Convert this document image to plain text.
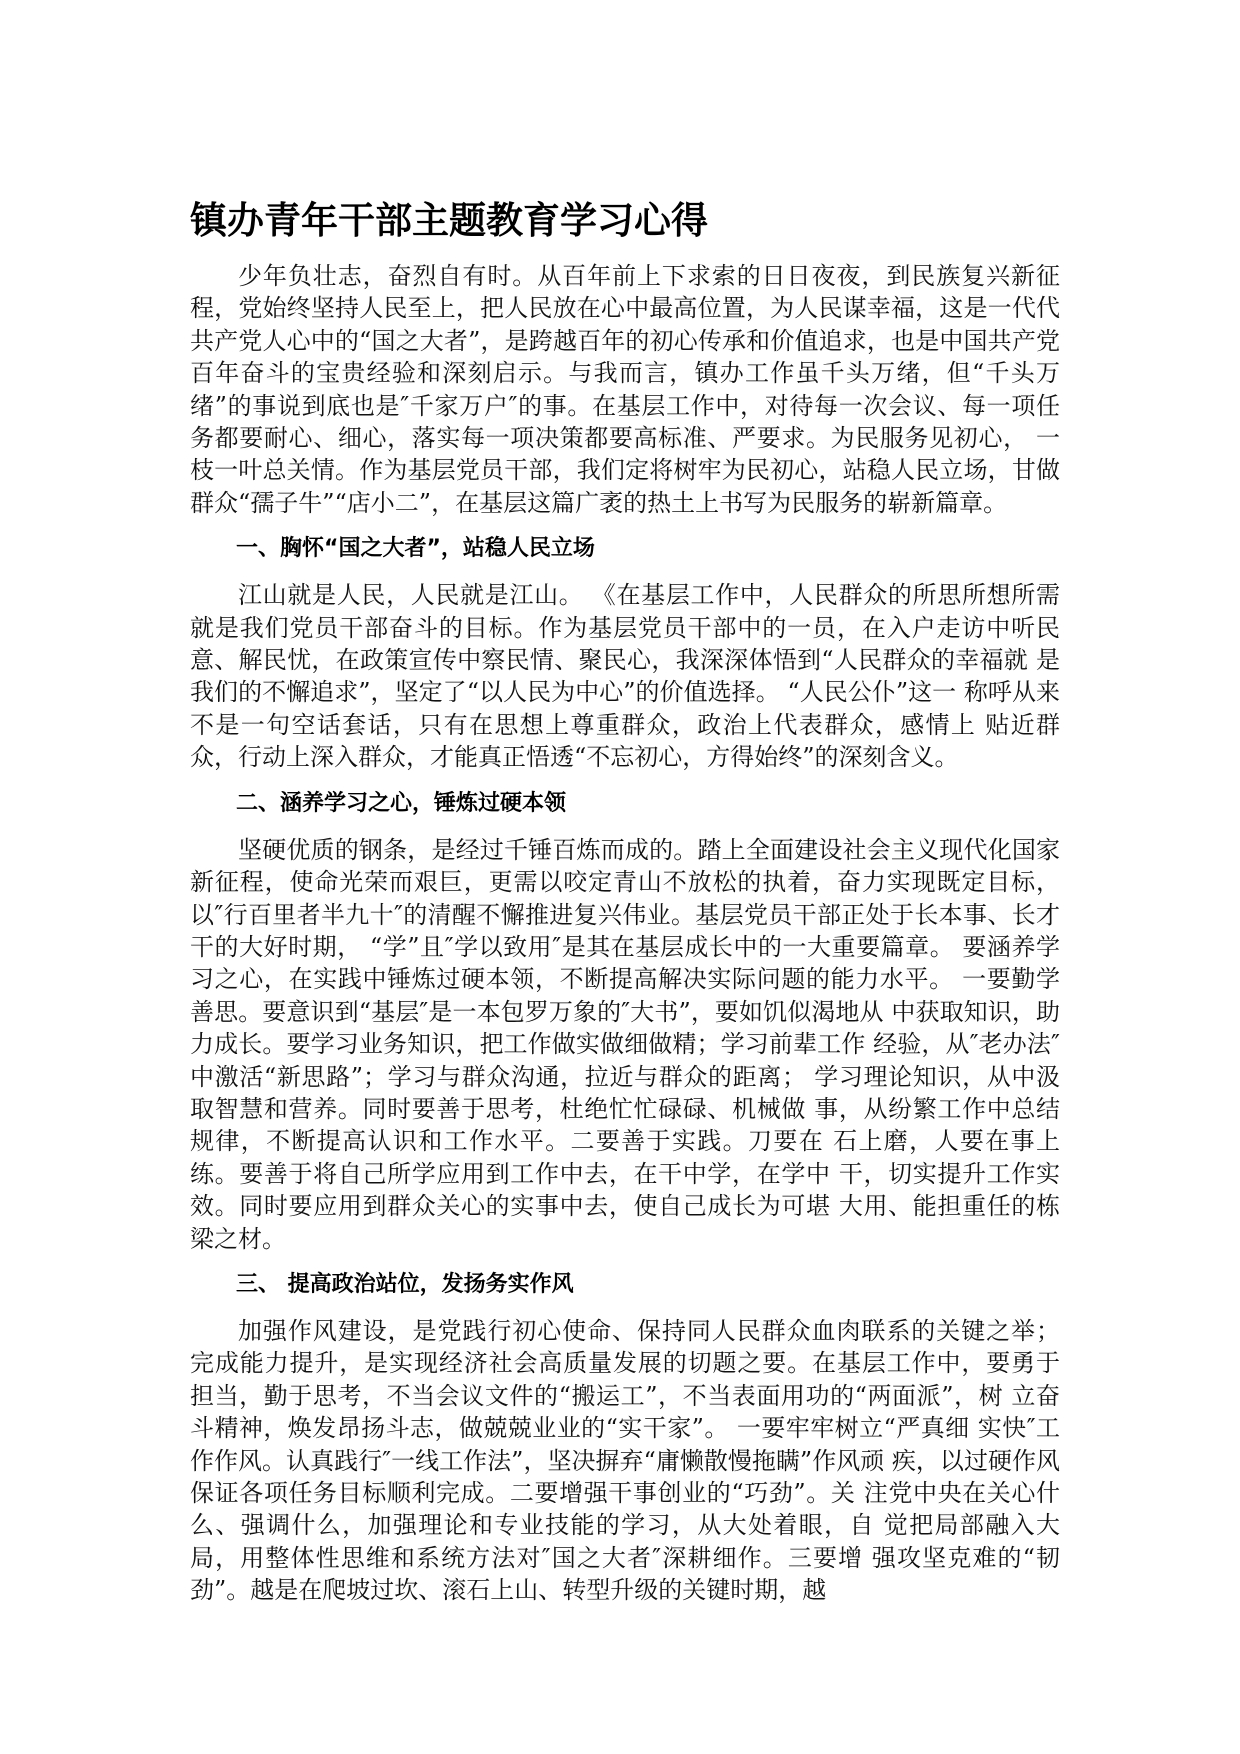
镇办青年干部主题教育学习心得

少年负壮志，奋烈自有时。从百年前上下求索的日日夜夜，到民族复兴新征程，党始终坚持人民至上，把人民放在心中最高位置，为人民谋幸福，这是一代代共产党人心中的“国之大者”，是跨越百年的初心传承和价值追求，也是中国共产党百年奋斗的宝贵经验和深刻启示。与我而言，镇办工作虽千头万绪，但“千头万绪”的事说到底也是″千家万户″的事。在基层工作中，对待每一次会议、每一项任务都要耐心、细心，落实每一项决策都要高标准、严要求。为民服务见初心， 一枝一叶总关情。作为基层党员干部，我们定将树牢为民初心，站稳人民立场，甘做群众“孺子牛”“店小二”，在基层这篇广袤的热土上书写为民服务的崭新篇章。

一、胸怀“国之大者”，站稳人民立场

江山就是人民，人民就是江山。 《在基层工作中，人民群众的所思所想所需就是我们党员干部奋斗的目标。作为基层党员干部中的一员，在入户走访中听民 意、解民忧，在政策宣传中察民情、聚民心，我深深体悟到“人民群众的幸福就 是我们的不懈追求”，坚定了“以人民为中心”的价值选择。 “人民公仆”这一 称呼从来不是一句空话套话，只有在思想上尊重群众，政治上代表群众，感情上 贴近群众，行动上深入群众，才能真正悟透“不忘初心，方得始终”的深刻含义。

二、涵养学习之心，锤炼过硬本领

坚硬优质的钢条，是经过千锤百炼而成的。踏上全面建设社会主义现代化国家新征程，使命光荣而艰巨，更需以咬定青山不放松的执着，奋力实现既定目标，以″行百里者半九十″的清醒不懈推进复兴伟业。基层党员干部正处于长本事、长才干的大好时期， “学”且″学以致用″是其在基层成长中的一大重要篇章。 要涵养学习之心，在实践中锤炼过硬本领，不断提高解决实际问题的能力水平。 一要勤学善思。要意识到“基层″是一本包罗万象的″大书”，要如饥似渴地从 中获取知识，助力成长。要学习业务知识，把工作做实做细做精；学习前辈工作 经验，从″老办法″中激活“新思路”；学习与群众沟通，拉近与群众的距离； 学习理论知识，从中汲取智慧和营养。同时要善于思考，杜绝忙忙碌碌、机械做 事，从纷繁工作中总结规律，不断提高认识和工作水平。二要善于实践。刀要在 石上磨，人要在事上练。要善于将自己所学应用到工作中去，在干中学，在学中 干，切实提升工作实效。同时要应用到群众关心的实事中去，使自己成长为可堪 大用、能担重任的栋梁之材。

三、 提高政治站位，发扬务实作风

加强作风建设，是党践行初心使命、保持同人民群众血肉联系的关键之举； 完成能力提升，是实现经济社会高质量发展的切题之要。在基层工作中，要勇于 担当，勤于思考，不当会议文件的“搬运工”，不当表面用功的“两面派”，树 立奋斗精神，焕发昂扬斗志，做兢兢业业的“实干家”。 一要牢牢树立“严真细 实快″工作作风。认真践行″一线工作法”，坚决摒弃“庸懒散慢拖瞒”作风顽 疾，以过硬作风保证各项任务目标顺利完成。二要增强干事创业的“巧劲”。关 注党中央在关心什么、强调什么，加强理论和专业技能的学习，从大处着眼，自 觉把局部融入大局，用整体性思维和系统方法对″国之大者″深耕细作。三要增 强攻坚克难的“韧劲”。越是在爬坡过坎、滚石上山、转型升级的关键时期，越
